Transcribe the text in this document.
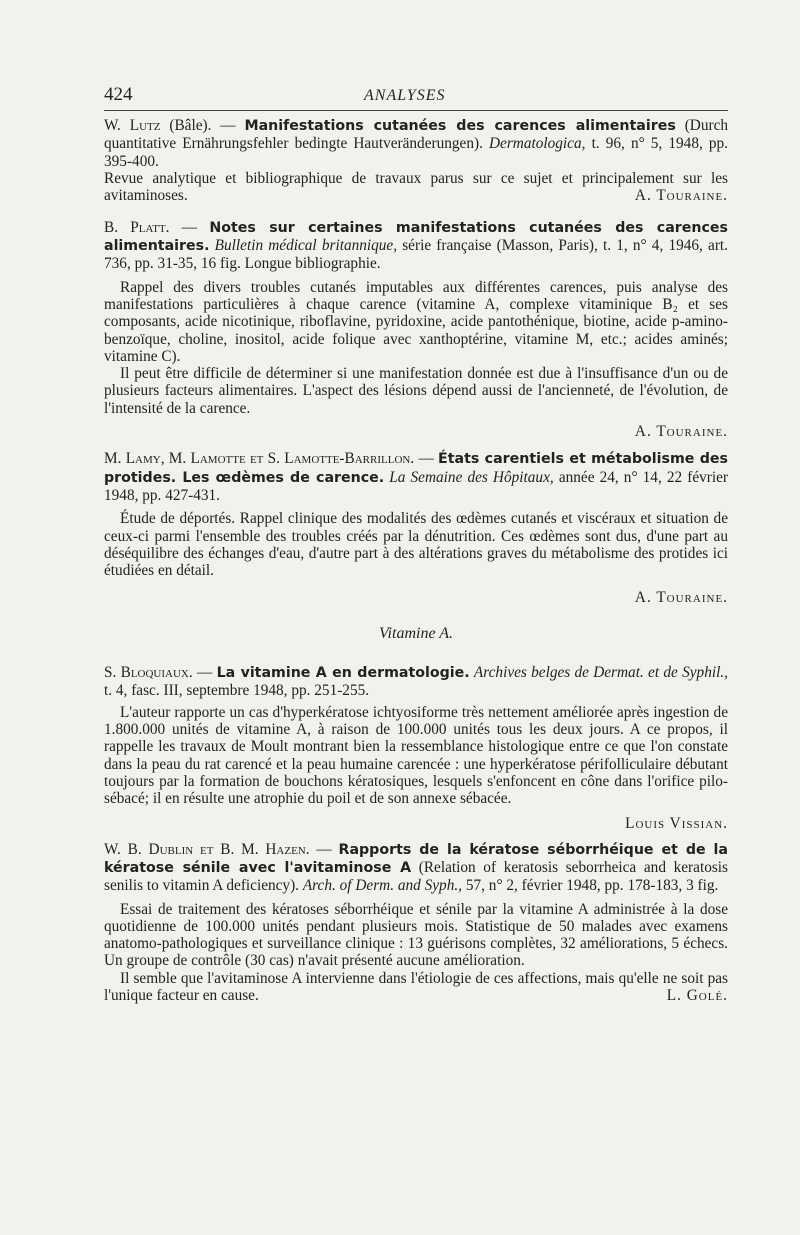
424	ANALYSES

W. Lutz (Bâle). — Manifestations cutanées des carences alimentaires (Durch quantitative Ernährungsfehler bedingte Hautveränderungen). Dermatologica, t. 96, n° 5, 1948, pp. 395-400.

Revue analytique et bibliographique de travaux parus sur ce sujet et principalement sur les avitaminoses.	A. Touraine.

B. Platt. — Notes sur certaines manifestations cutanées des carences alimentaires. Bulletin médical britannique, série française (Masson, Paris), t. 1, n° 4, 1946, art. 736, pp. 31-35, 16 fig. Longue bibliographie.

Rappel des divers troubles cutanés imputables aux différentes carences, puis analyse des manifestations particulières à chaque carence (vitamine A, complexe vitaminique B₂ et ses composants, acide nicotinique, riboflavine, pyridoxine, acide pantothénique, biotine, acide p-amino-benzoïque, choline, inositol, acide folique avec xanthoptérine, vitamine M, etc.; acides aminés; vitamine C).

Il peut être difficile de déterminer si une manifestation donnée est due à l'insuffisance d'un ou de plusieurs facteurs alimentaires. L'aspect des lésions dépend aussi de l'ancienneté, de l'évolution, de l'intensité de la carence.

A. Touraine.

M. Lamy, M. Lamotte et S. Lamotte-Barrillon. — États carentiels et métabolisme des protides. Les œdèmes de carence. La Semaine des Hôpitaux, année 24, n° 14, 22 février 1948, pp. 427-431.

Étude de déportés. Rappel clinique des modalités des œdèmes cutanés et viscéraux et situation de ceux-ci parmi l'ensemble des troubles créés par la dénutrition. Ces œdèmes sont dus, d'une part au déséquilibre des échanges d'eau, d'autre part à des altérations graves du métabolisme des protides ici étudiées en détail.

A. Touraine.

Vitamine A.

S. Bloquiaux. — La vitamine A en dermatologie. Archives belges de Dermat. et de Syphil., t. 4, fasc. III, septembre 1948, pp. 251-255.

L'auteur rapporte un cas d'hyperkératose ichtyosiforme très nettement améliorée après ingestion de 1.800.000 unités de vitamine A, à raison de 100.000 unités tous les deux jours. A ce propos, il rappelle les travaux de Moult montrant bien la ressemblance histologique entre ce que l'on constate dans la peau du rat carencé et la peau humaine carencée : une hyperkératose périfolliculaire débutant toujours par la formation de bouchons kératosiques, lesquels s'enfoncent en cône dans l'orifice pilo-sébacé; il en résulte une atrophie du poil et de son annexe sébacée.

Louis Vissian.

W. B. Dublin et B. M. Hazen. — Rapports de la kératose séborrhéique et de la kératose sénile avec l'avitaminose A (Relation of keratosis seborrheica and keratosis senilis to vitamin A deficiency). Arch. of Derm. and Syph., 57, n° 2, février 1948, pp. 178-183, 3 fig.

Essai de traitement des kératoses séborrhéique et sénile par la vitamine A administrée à la dose quotidienne de 100.000 unités pendant plusieurs mois. Statistique de 50 malades avec examens anatomo-pathologiques et surveillance clinique : 13 guérisons complètes, 32 améliorations, 5 échecs. Un groupe de contrôle (30 cas) n'avait présenté aucune amélioration.

Il semble que l'avitaminose A intervienne dans l'étiologie de ces affections, mais qu'elle ne soit pas l'unique facteur en cause.	L. Golé.
